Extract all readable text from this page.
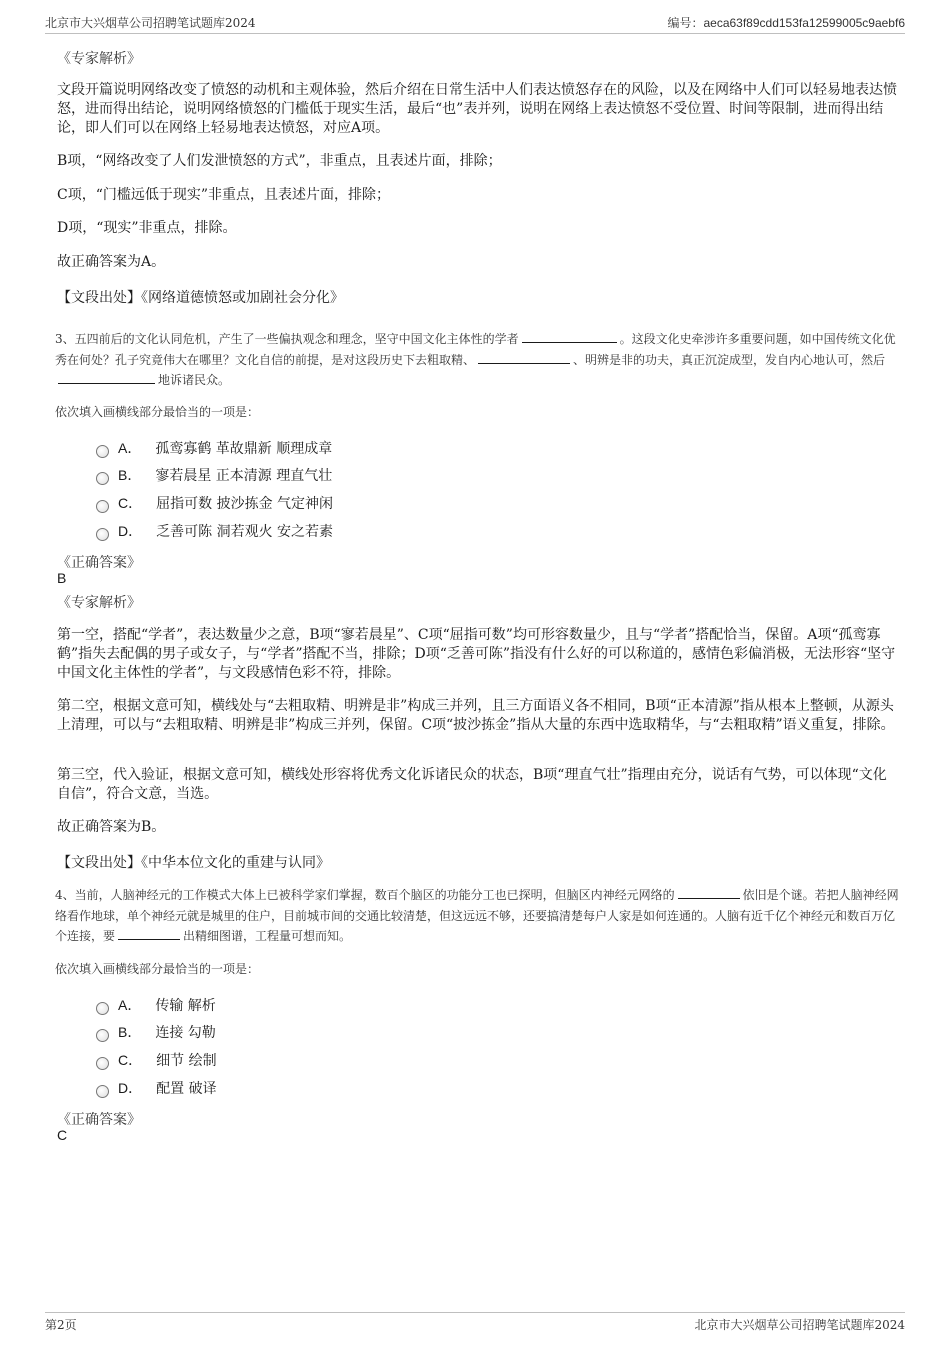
北京市大兴烟草公司招聘笔试题库2024	编号：aeca63f89cdd153fa12599005c9aebf6
《专家解析》
文段开篇说明网络改变了愤怒的动机和主观体验，然后介绍在日常生活中人们表达愤怒存在的风险，以及在网络中人们可以轻易地表达愤怒，进而得出结论，说明网络愤怒的门槛低于现实生活，最后“也”表并列，说明在网络上表达愤怒不受位置、时间等限制，进而得出结论，即人们可以在网络上轻易地表达愤怒，对应A项。
B项，“网络改变了人们发泄愤怒的方式”，非重点，且表述片面，排除；
C项，“门槛远低于现实”非重点，且表述片面，排除；
D项，“现实”非重点，排除。
故正确答案为A。
【文段出处】《网络道德愤怒或加剧社会分化》
3、五四前后的文化认同危机，产生了一些偏执观念和理念，坚守中国文化主体性的学者	。这段文化史牵涉许多重要问题，如中国传统文化优秀在何处？孔子究竟伟大在哪里？文化自信的前提，是对这段历史下去粗取精、	、明辨是非的功夫，真正沉淀成型，发自内心地认可，然后地诉诸民众。
依次填入画横线部分最恰当的一项是：
A． 孤鸾寡鹤 革故鼎新 顺理成章
B． 寥若晨星 正本清源 理直气壮
C． 屈指可数 披沙拣金 气定神闲
D． 乏善可陈 洞若观火 安之若素
《正确答案》
B
《专家解析》
第一空，搭配“学者”，表达数量少之意，B项“寥若晨星”、C项“屈指可数”均可形容数量少，且与“学者”搭配恰当，保留。A项“孤鸾寡鹤”指失去配偶的男子或女子，与“学者”搭配不当，排除；D项“乏善可陈”指没有什么好的可以称道的，感情色彩偏消极，无法形容“坚守中国文化主体性的学者”，与文段感情色彩不符，排除。
第二空，根据文意可知，横线处与“去粗取精、明辨是非”构成三并列，且三方面语义各不相同，B项“正本清源”指从根本上整顿，从源头上清理，可以与“去粗取精、明辨是非”构成三并列，保留。C项“披沙拣金”指从大量的东西中选取精华，与“去粗取精”语义重复，排除。
第三空，代入验证，根据文意可知，横线处形容将优秀文化诉诸民众的状态，B项“理直气壮”指理由充分，说话有气势，可以体现“文化自信”，符合文意，当选。
故正确答案为B。
【文段出处】《中华本位文化的重建与认同》
4、当前，人脑神经元的工作模式大体上已被科学家们掌握，数百个脑区的功能分工也已探明，但脑区内神经元网络的	依旧是个谜。若把人脑神经网络看作地球，单个神经元就是城里的住户，目前城市间的交通比较清楚，但这远远不够，还要搞清楚每户人家是如何连通的。人脑有近千亿个神经元和数百万亿个连接，要	出精细图谱，工程量可想而知。
依次填入画横线部分最恰当的一项是：
A． 传输 解析
B． 连接 勾勒
C． 细节 绘制
D． 配置 破译
《正确答案》
C
第2页	北京市大兴烟草公司招聘笔试题库2024
